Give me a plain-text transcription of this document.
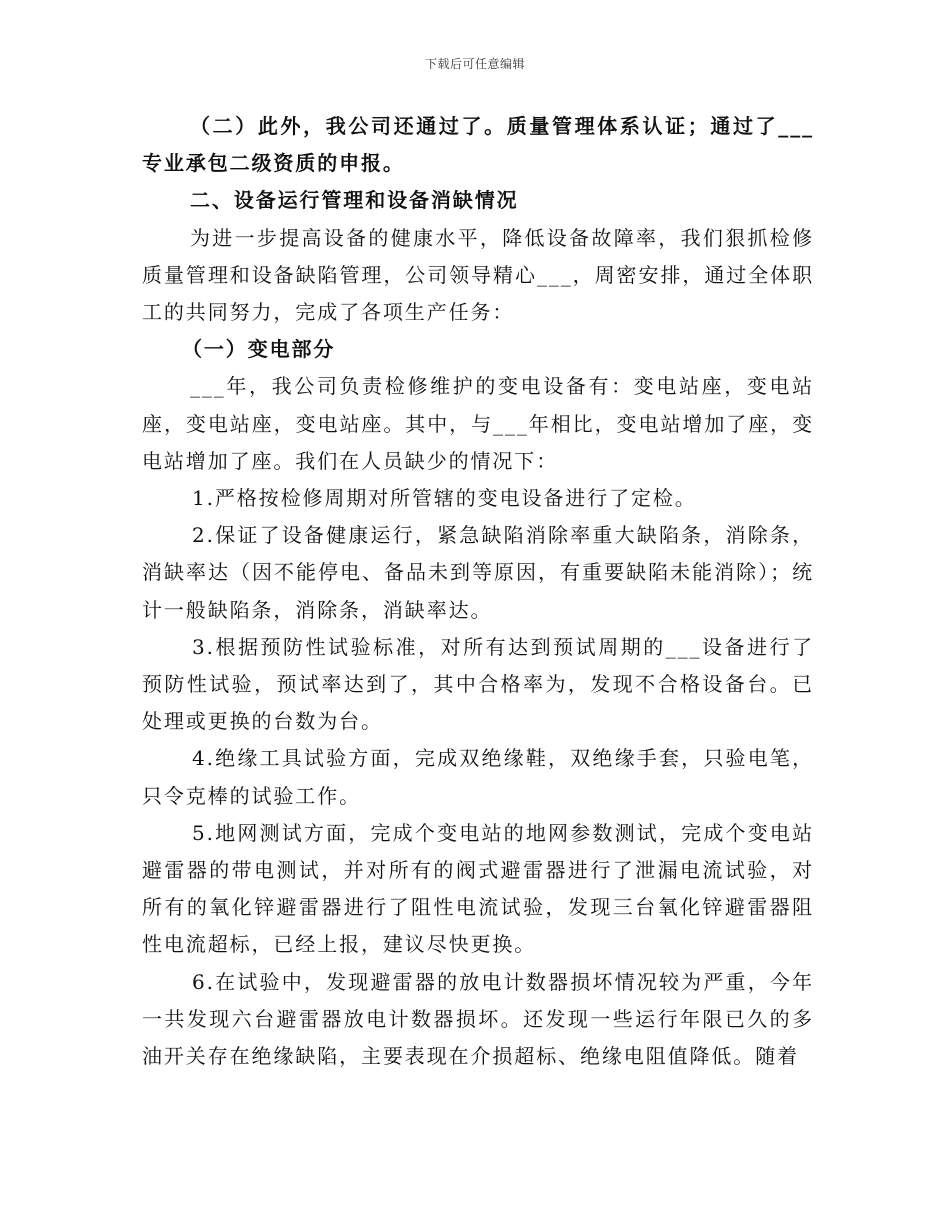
下载后可任意编辑

（二）此外，我公司还通过了。质量管理体系认证；通过了___专业承包二级资质的申报。

二、设备运行管理和设备消缺情况

为进一步提高设备的健康水平，降低设备故障率，我们狠抓检修质量管理和设备缺陷管理，公司领导精心___，周密安排，通过全体职工的共同努力，完成了各项生产任务：

（一）变电部分

___年，我公司负责检修维护的变电设备有：变电站座，变电站座，变电站座，变电站座。其中，与___年相比，变电站增加了座，变电站增加了座。我们在人员缺少的情况下：

1.严格按检修周期对所管辖的变电设备进行了定检。

2.保证了设备健康运行，紧急缺陷消除率重大缺陷条，消除条，消缺率达（因不能停电、备品未到等原因，有重要缺陷未能消除）；统计一般缺陷条，消除条，消缺率达。

3.根据预防性试验标准，对所有达到预试周期的___设备进行了预防性试验，预试率达到了，其中合格率为，发现不合格设备台。已处理或更换的台数为台。

4.绝缘工具试验方面，完成双绝缘鞋，双绝缘手套，只验电笔，只令克棒的试验工作。

5.地网测试方面，完成个变电站的地网参数测试，完成个变电站避雷器的带电测试，并对所有的阀式避雷器进行了泄漏电流试验，对所有的氧化锌避雷器进行了阻性电流试验，发现三台氧化锌避雷器阻性电流超标，已经上报，建议尽快更换。

6.在试验中，发现避雷器的放电计数器损坏情况较为严重，今年一共发现六台避雷器放电计数器损坏。还发现一些运行年限已久的多油开关存在绝缘缺陷，主要表现在介损超标、绝缘电阻值降低。随着
